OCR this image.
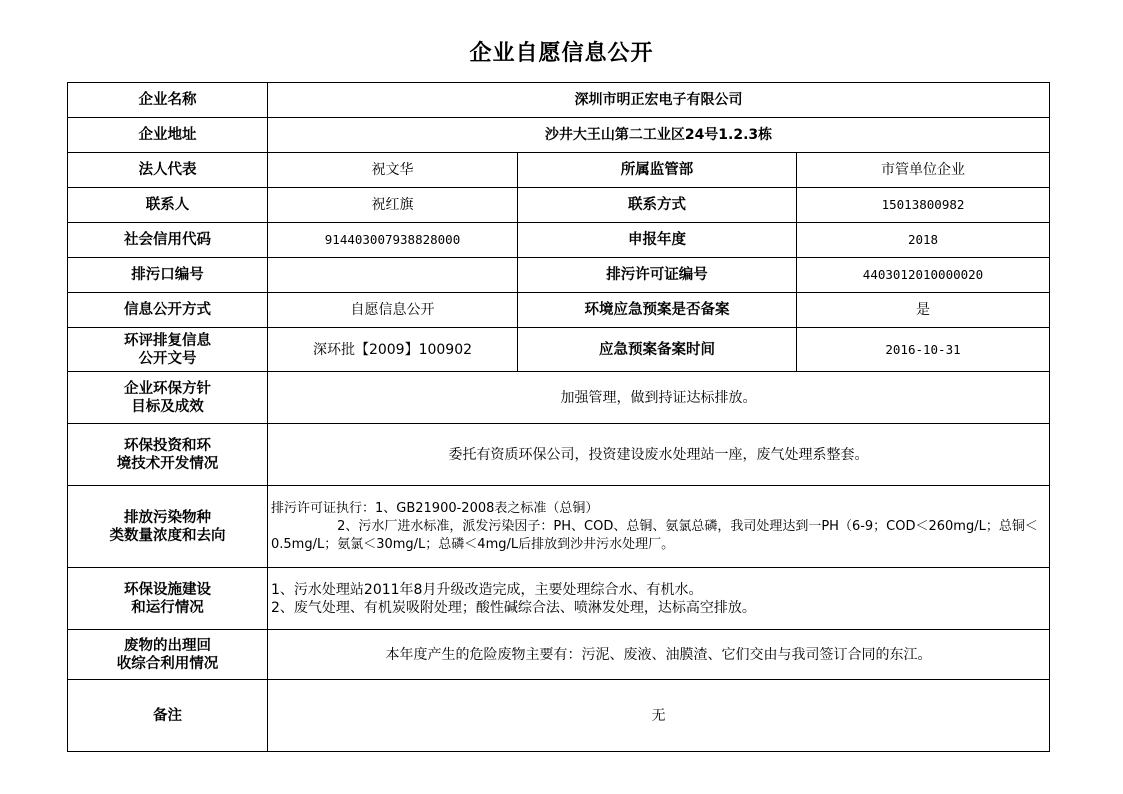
企业自愿信息公开
企业名称	深圳市明正宏电子有限公司		
企业地址	沙井大王山第二工业区24号1.2.3栋		
法人代表	祝文华	所属监管部	市管单位企业
联系人	祝红旗	联系方式	15013800982
社会信用代码	914403007938828000	申报年度	2018
排污口编号		排污许可证编号	4403012010000020
信息公开方式	自愿信息公开	环境应急预案是否备案	是
环评排复信息
公开文号	深环批【2009】100902	应急预案备案时间	2016-10-31
企业环保方针
目标及成效	加强管理，做到持证达标排放。		
环保投资和环
境技术开发情况	委托有资质环保公司，投资建设废水处理站一座，废气处理系整套。		
排放污染物种
类数量浓度和去向	排污许可证执行：1、GB21900-2008表之标准（总铜）
2、污水厂进水标准，派发污染因子：PH、COD、总铜、氨氯总磷，我司处理达到一PH（6-9；COD＜260mg/L；总铜＜0.5mg/L；氨氯＜30mg/L；总磷＜4mg/L后排放到沙井污水处理厂。		
环保设施建设
和运行情况	1、污水处理站2011年8月升级改造完成，主要处理综合水、有机水。
2、废气处理、有机炭吸附处理；酸性碱综合法、喷淋发处理，达标高空排放。		
废物的出理回
收综合利用情况	本年度产生的危险废物主要有：污泥、废液、油膜渣、它们交由与我司签订合同的东江。		
备注	无		
